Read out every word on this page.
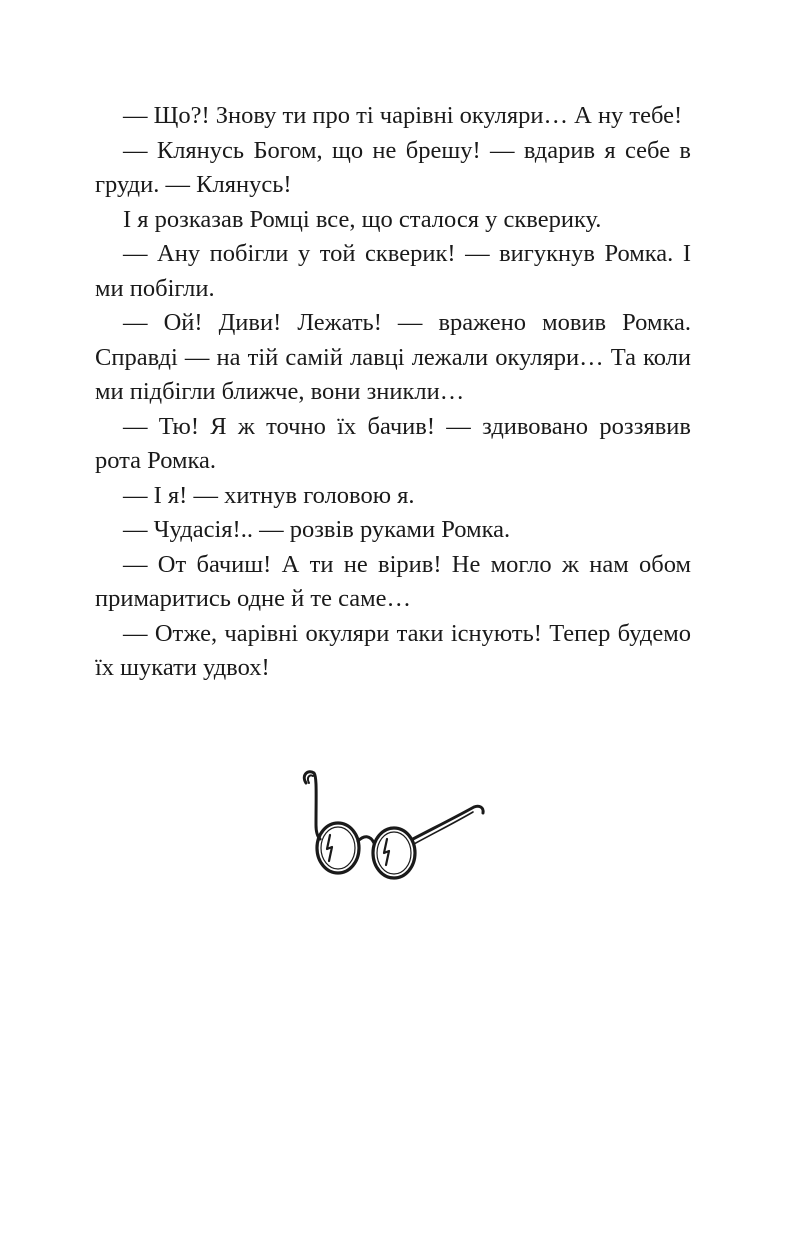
— Що?! Знову ти про ті чарівні окуляри… А ну тебе!

— Клянусь Богом, що не брешу! — вдарив я себе в груди. — Клянусь!

І я розказав Ромці все, що сталося у скверику.

— Ану побігли у той скверик! — вигукнув Ромка. І ми побігли.

— Ой! Диви! Лежать! — вражено мовив Ромка. Справді — на тій самій лавці лежали окуляри… Та коли ми підбігли ближче, вони зникли…

— Тю! Я ж точно їх бачив! — здивовано роззявив рота Ромка.

— І я! — хитнув головою я.

— Чудасія!.. — розвів руками Ромка.

— От бачиш! А ти не вірив! Не могло ж нам обом примаритись одне й те саме…

— Отже, чарівні окуляри таки існують! Тепер будемо їх шукати удвох!
